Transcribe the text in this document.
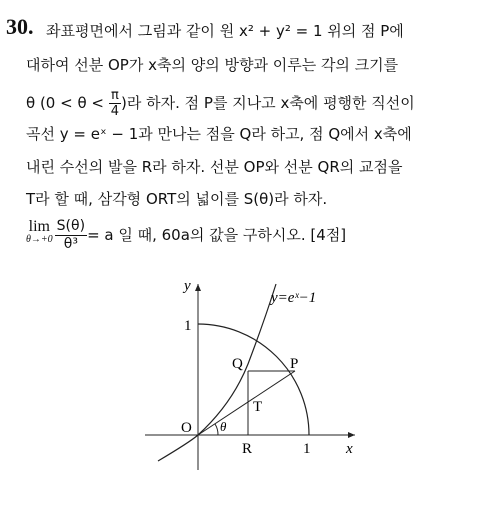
30. 좌표평면에서 그림과 같이 원 x² + y² = 1 위의 점 P에
대하여 선분 OP가 x축의 양의 방향과 이루는 각의 크기를
θ ($0 < \theta < \frac{\pi}{4}$ )라 하자. 점 P를 지나고 x축에 평행한 직선이
곡선 y = eˣ − 1과 만나는 점을 Q라 하고, 점 Q에서 x축에
내린 수선의 발을 R라 하자. 선분 OP와 선분 QR의 교점을
T라 할 때, 삼각형 ORT의 넓이를 S(θ)라 하자.
lim
$\theta\to+0 \frac{S(\theta)}{\text{θ³}} = a$ 일 때, 60a의 값을 구하시오. [4점]
y=eˣ−1
y
x
1
1
O
Q	P
T
R
θ
